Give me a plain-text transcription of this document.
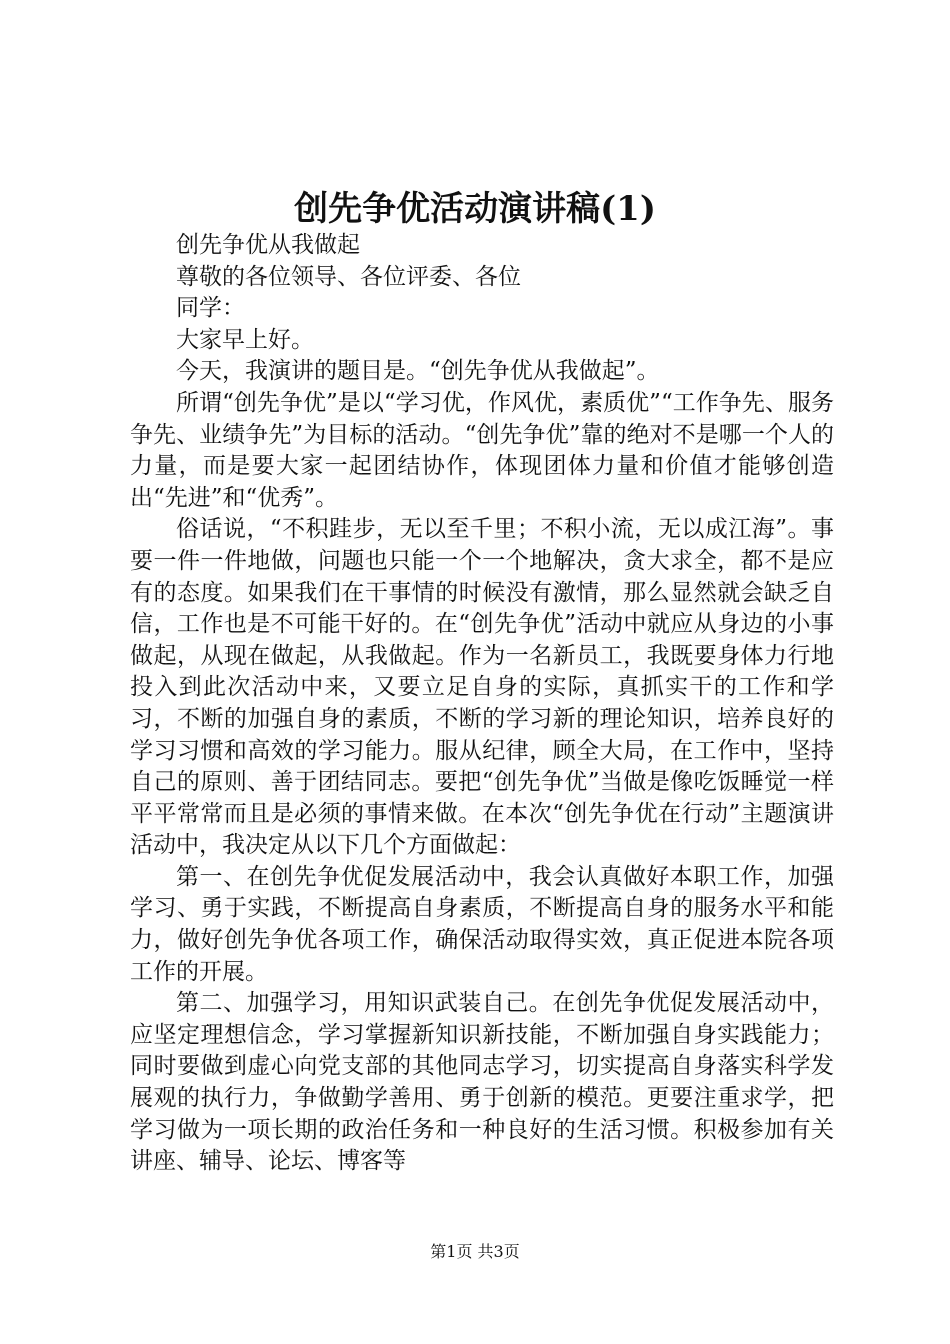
创先争优活动演讲稿(1)

创先争优从我做起

尊敬的各位领导、各位评委、各位

同学：

大家早上好。

今天，我演讲的题目是。“创先争优从我做起”。

所谓“创先争优”是以“学习优，作风优，素质优”“工作争先、服务争先、业绩争先”为目标的活动。“创先争优”靠的绝对不是哪一个人的力量，而是要大家一起团结协作，体现团体力量和价值才能够创造出“先进”和“优秀”。

俗话说，“不积跬步，无以至千里；不积小流，无以成江海”。事要一件一件地做，问题也只能一个一个地解决，贪大求全，都不是应有的态度。如果我们在干事情的时候没有激情，那么显然就会缺乏自信，工作也是不可能干好的。在“创先争优”活动中就应从身边的小事做起，从现在做起，从我做起。作为一名新员工，我既要身体力行地投入到此次活动中来，又要立足自身的实际，真抓实干的工作和学习，不断的加强自身的素质，不断的学习新的理论知识，培养良好的学习习惯和高效的学习能力。服从纪律，顾全大局，在工作中，坚持自己的原则、善于团结同志。要把“创先争优”当做是像吃饭睡觉一样平平常常而且是必须的事情来做。在本次“创先争优在行动”主题演讲活动中，我决定从以下几个方面做起：

第一、在创先争优促发展活动中，我会认真做好本职工作，加强学习、勇于实践，不断提高自身素质，不断提高自身的服务水平和能力，做好创先争优各项工作，确保活动取得实效，真正促进本院各项工作的开展。

第二、加强学习，用知识武装自己。在创先争优促发展活动中，应坚定理想信念，学习掌握新知识新技能，不断加强自身实践能力；同时要做到虚心向党支部的其他同志学习，切实提高自身落实科学发展观的执行力，争做勤学善用、勇于创新的模范。更要注重求学，把学习做为一项长期的政治任务和一种良好的生活习惯。积极参加有关讲座、辅导、论坛、博客等

第1页 共3页
